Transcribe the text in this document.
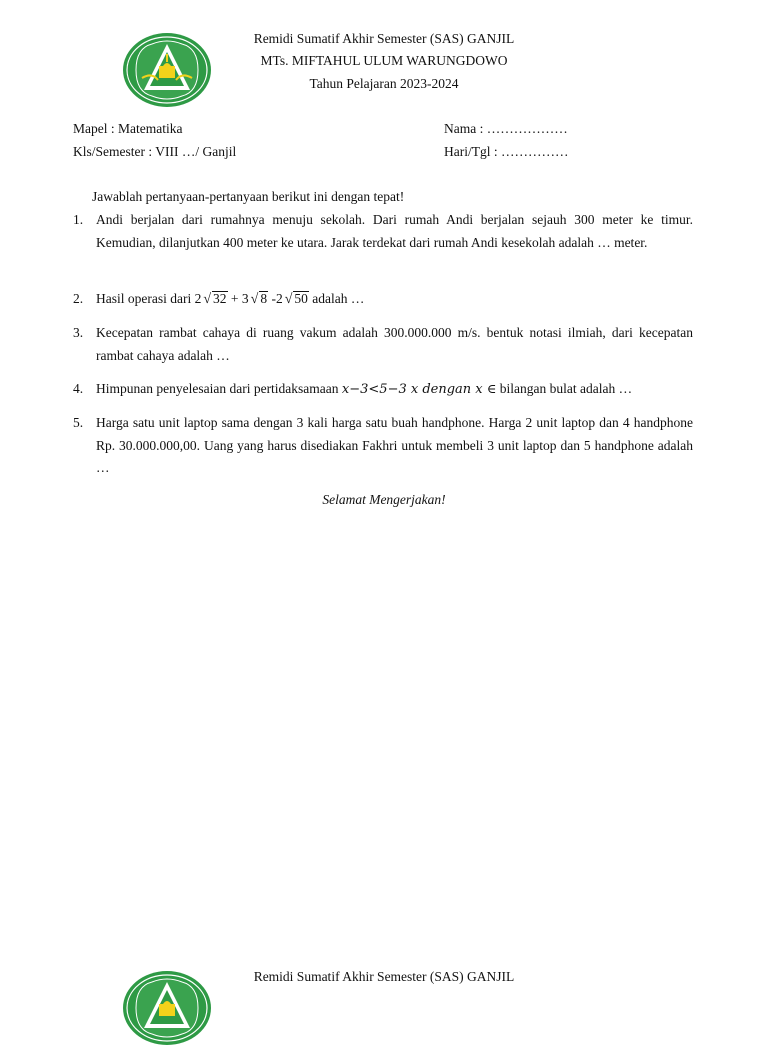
Remidi Sumatif Akhir Semester (SAS) GANJIL
MTs. MIFTAHUL ULUM WARUNGDOWO
Tahun Pelajaran 2023-2024
Mapel : Matematika
Kls/Semester : VIII …/ Ganjil
Nama : ………………
Hari/Tgl : ……………
Jawablah pertanyaan-pertanyaan berikut ini dengan tepat!
1. Andi berjalan dari rumahnya menuju sekolah. Dari rumah Andi berjalan sejauh 300 meter ke timur. Kemudian, dilanjutkan 400 meter ke utara. Jarak terdekat dari rumah Andi kesekolah adalah … meter.
2. Hasil operasi dari 2 √ 32 + 3 √ 8 -2 √ 50 adalah …
3. Kecepatan rambat cahaya di ruang vakum adalah 300.000.000 m/s. bentuk notasi ilmiah, dari kecepatan rambat cahaya adalah …
4. Himpunan penyelesaian dari pertidaksamaan x−3<5−3 x dengan x ∈ bilangan bulat adalah …
5. Harga satu unit laptop sama dengan 3 kali harga satu buah handphone. Harga 2 unit laptop dan 4 handphone Rp. 30.000.000,00. Uang yang harus disediakan Fakhri untuk membeli 3 unit laptop dan 5 handphone adalah …
Selamat Mengerjakan!
Remidi Sumatif Akhir Semester (SAS) GANJIL
